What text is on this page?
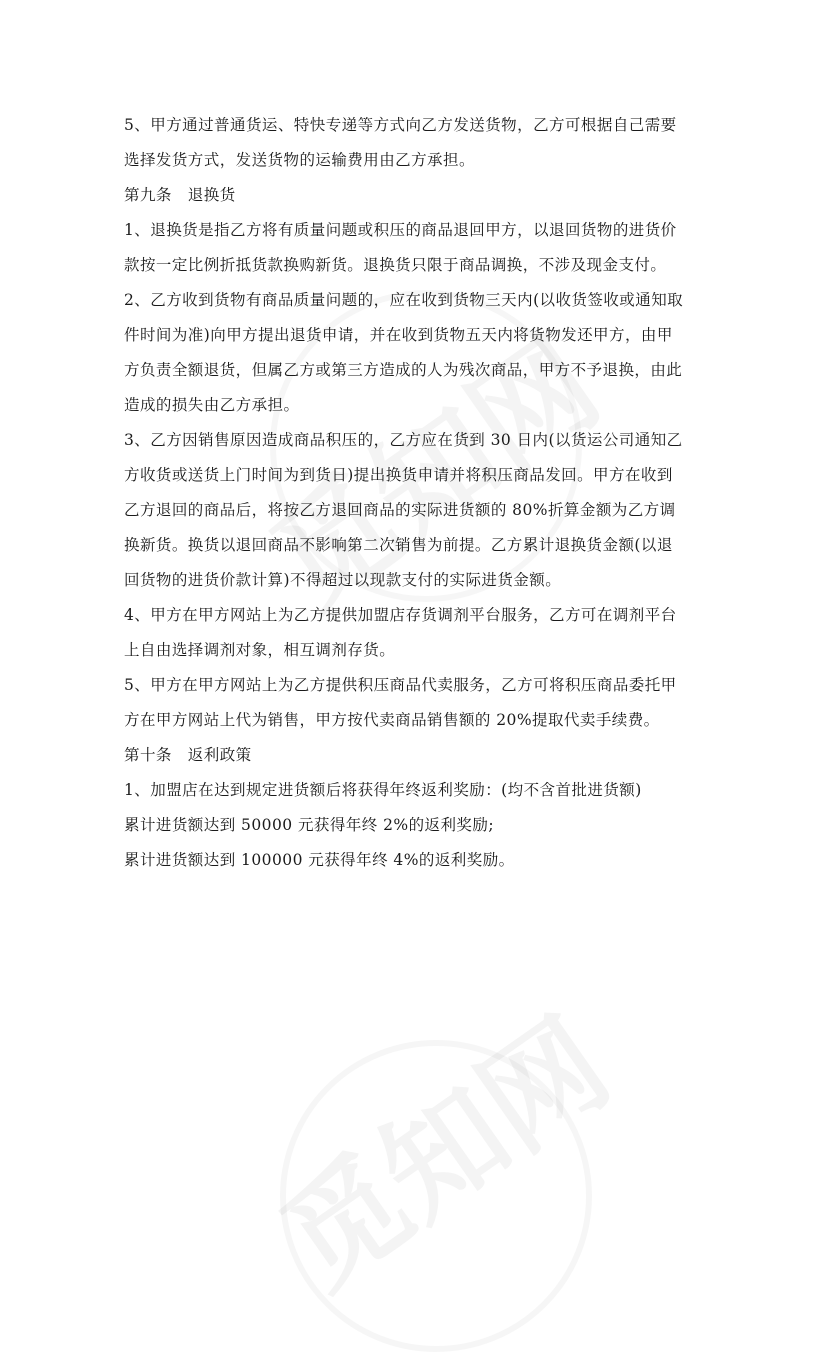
5、甲方通过普通货运、特快专递等方式向乙方发送货物，乙方可根据自己需要

选择发货方式，发送货物的运输费用由乙方承担。

第九条　退换货

1、退换货是指乙方将有质量问题或积压的商品退回甲方，以退回货物的进货价

款按一定比例折抵货款换购新货。退换货只限于商品调换，不涉及现金支付。

2、乙方收到货物有商品质量问题的，应在收到货物三天内(以收货签收或通知取

件时间为准)向甲方提出退货申请，并在收到货物五天内将货物发还甲方，由甲

方负责全额退货，但属乙方或第三方造成的人为残次商品，甲方不予退换，由此

造成的损失由乙方承担。

3、乙方因销售原因造成商品积压的，乙方应在货到 30 日内(以货运公司通知乙

方收货或送货上门时间为到货日)提出换货申请并将积压商品发回。甲方在收到

乙方退回的商品后，将按乙方退回商品的实际进货额的 80%折算金额为乙方调

换新货。换货以退回商品不影响第二次销售为前提。乙方累计退换货金额(以退

回货物的进货价款计算)不得超过以现款支付的实际进货金额。

4、甲方在甲方网站上为乙方提供加盟店存货调剂平台服务，乙方可在调剂平台

上自由选择调剂对象，相互调剂存货。

5、甲方在甲方网站上为乙方提供积压商品代卖服务，乙方可将积压商品委托甲

方在甲方网站上代为销售，甲方按代卖商品销售额的 20%提取代卖手续费。

第十条　返利政策

1、加盟店在达到规定进货额后将获得年终返利奖励：(均不含首批进货额)

累计进货额达到 50000 元获得年终 2%的返利奖励;

累计进货额达到 100000 元获得年终 4%的返利奖励。
